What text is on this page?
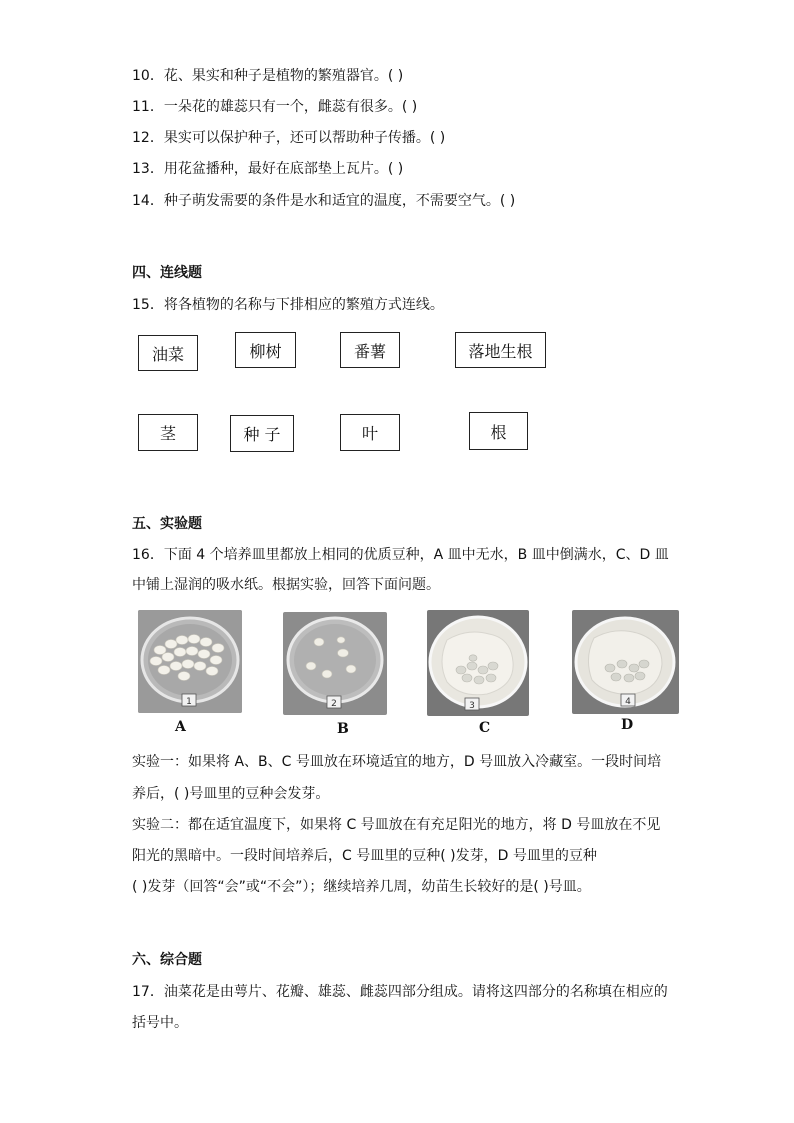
10．花、果实和种子是植物的繁殖器官。( )
11．一朵花的雄蕊只有一个，雌蕊有很多。( )
12．果实可以保护种子，还可以帮助种子传播。( )
13．用花盆播种，最好在底部垫上瓦片。( )
14．种子萌发需要的条件是水和适宜的温度，不需要空气。( )
四、连线题
15．将各植物的名称与下排相应的繁殖方式连线。
油菜	柳树	番薯	落地生根
茎	种 子	叶	根
五、实验题
16．下面 4 个培养皿里都放上相同的优质豆种，A 皿中无水，B 皿中倒满水，C、D 皿
中铺上湿润的吸水纸。根据实验，回答下面问题。
1
A
2
B
3
C
4
D
实验一：如果将 A、B、C 号皿放在环境适宜的地方，D 号皿放入冷藏室。一段时间培
养后，( )号皿里的豆种会发芽。
实验二：都在适宜温度下，如果将 C 号皿放在有充足阳光的地方，将 D 号皿放在不见
阳光的黑暗中。一段时间培养后，C 号皿里的豆种( )发芽，D 号皿里的豆种
( )发芽（回答“会”或“不会”）；继续培养几周，幼苗生长较好的是( )号皿。
六、综合题
17．油菜花是由萼片、花瓣、雄蕊、雌蕊四部分组成。请将这四部分的名称填在相应的
括号中。
